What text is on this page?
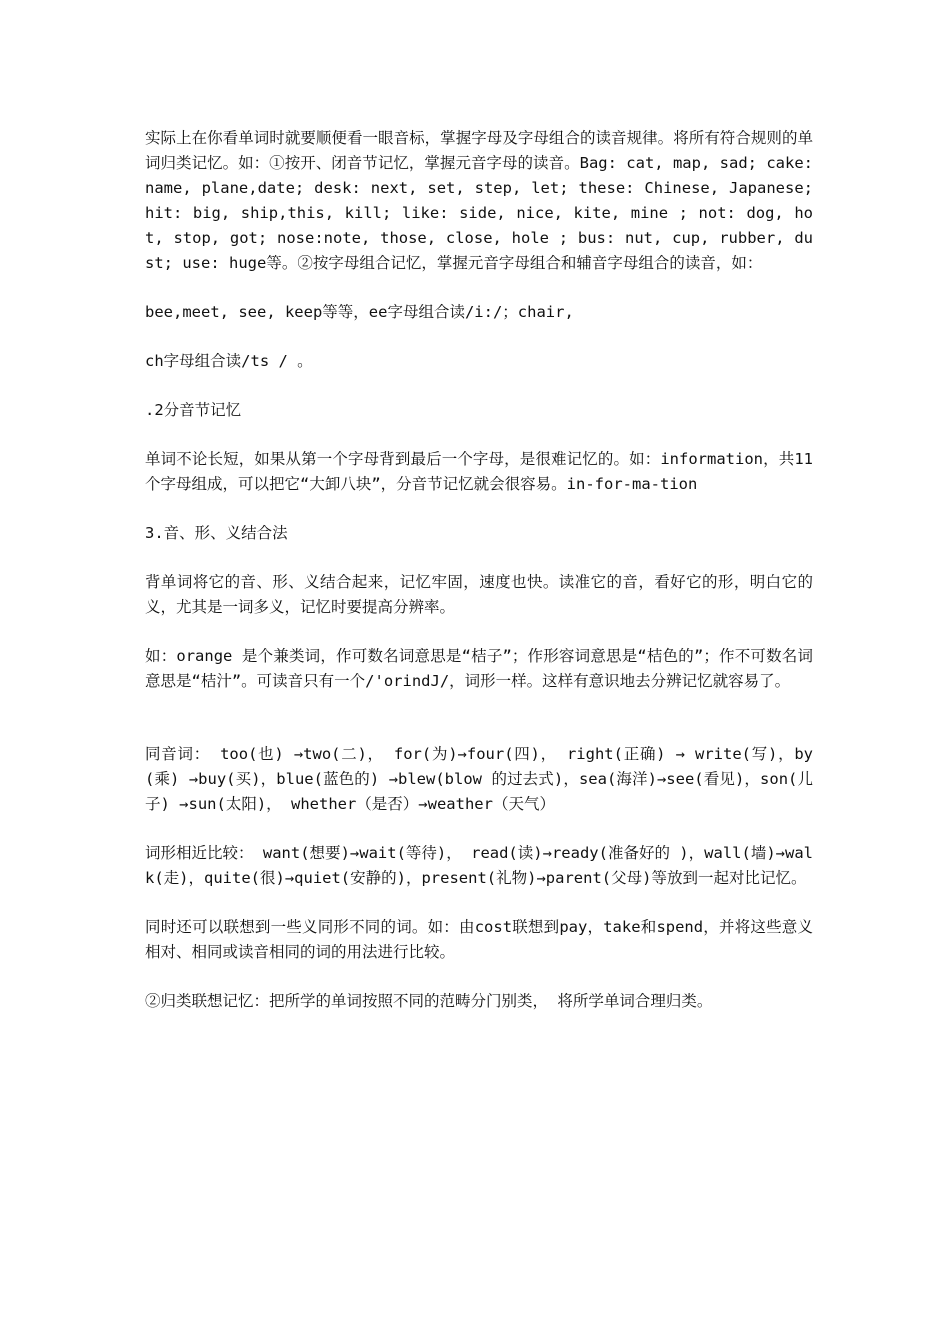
实际上在你看单词时就要顺便看一眼音标，掌握字母及字母组合的读音规律。将所有符合规则的单词归类记忆。如：①按开、闭音节记忆，掌握元音字母的读音。Bag: cat, map, sad; cake: name, plane,date; desk: next, set, step, let; these: Chinese, Japanese; hit: big, ship,this, kill; like: side, nice, kite, mine ; not: dog, hot, stop, got; nose:note, those, close, hole ; bus: nut, cup, rubber, dust; use: huge等。②按字母组合记忆，掌握元音字母组合和辅音字母组合的读音，如：

bee,meet, see, keep等等，ee字母组合读/i:/；chair,

ch字母组合读/ts / 。

.2分音节记忆

单词不论长短，如果从第一个字母背到最后一个字母，是很难记忆的。如：information，共11个字母组成，可以把它“大卸八块”，分音节记忆就会很容易。in-for-ma-tion

3.音、形、义结合法

背单词将它的音、形、义结合起来，记忆牢固，速度也快。读准它的音，看好它的形，明白它的义，尤其是一词多义，记忆时要提高分辨率。

如：orange 是个兼类词，作可数名词意思是“桔子”；作形容词意思是“桔色的”；作不可数名词意思是“桔汁”。可读音只有一个/'orindJ/，词形一样。这样有意识地去分辨记忆就容易了。

同音词： too(也) →two(二)， for(为)→four(四)， right(正确) → write(写)，by(乘) →buy(买)，blue(蓝色的) →blew(blow 的过去式)，sea(海洋)→see(看见)，son(儿子) →sun(太阳)， whether（是否）→weather（天气）

词形相近比较： want(想要)→wait(等待)， read(读)→ready(准备好的 )，wall(墙)→walk(走)，quite(很)→quiet(安静的)，present(礼物)→parent(父母)等放到一起对比记忆。

同时还可以联想到一些义同形不同的词。如：由cost联想到pay，take和spend，并将这些意义相对、相同或读音相同的词的用法进行比较。

②归类联想记忆：把所学的单词按照不同的范畴分门别类， 将所学单词合理归类。
